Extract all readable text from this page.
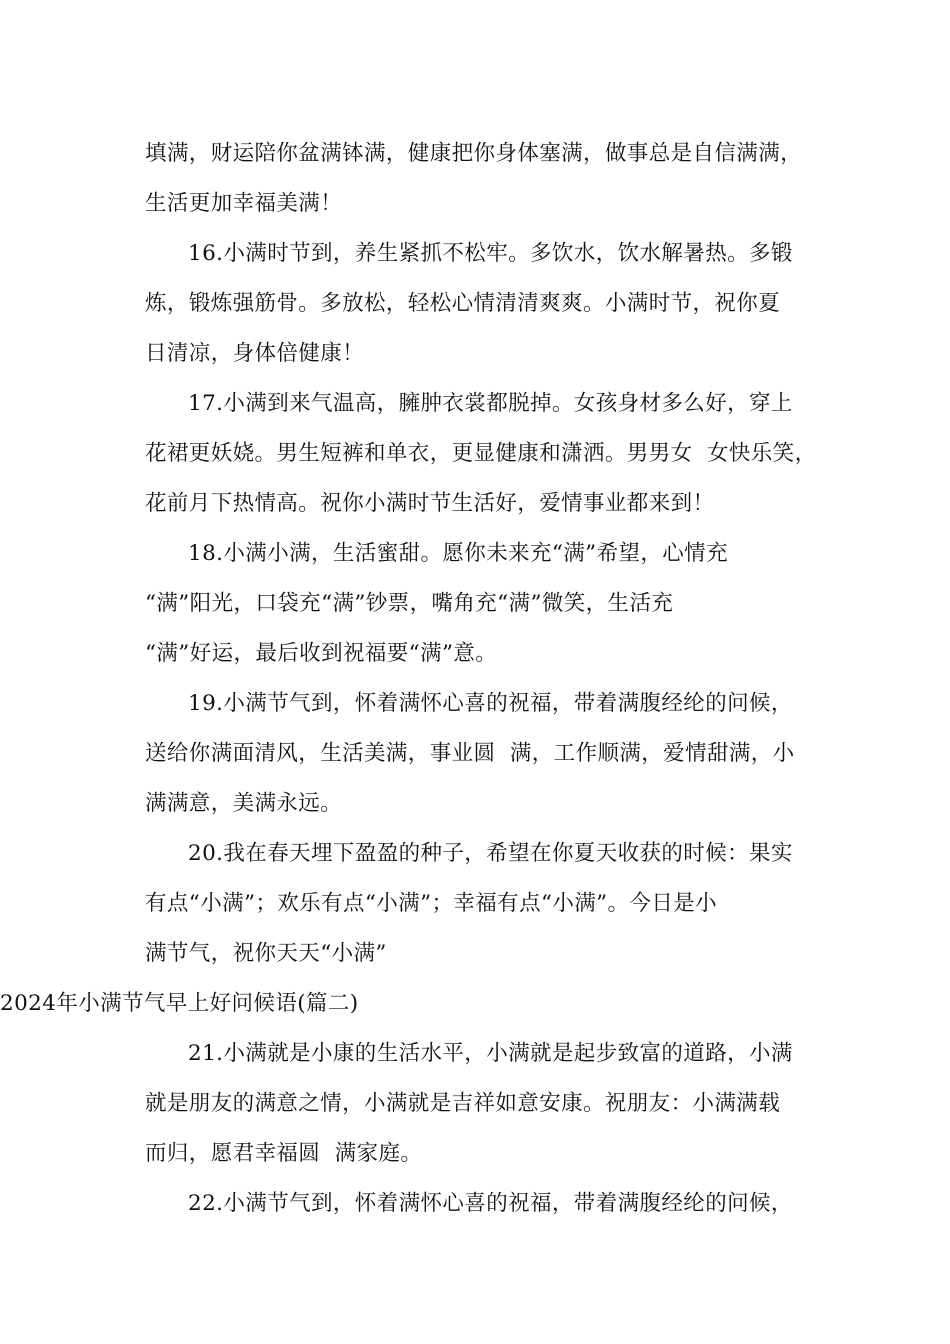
填满，财运陪你盆满钵满，健康把你身体塞满，做事总是自信满满，
生活更加幸福美满！
16.小满时节到，养生紧抓不松牢。多饮水，饮水解暑热。多锻
炼，锻炼强筋骨。多放松，轻松心情清清爽爽。小满时节，祝你夏
日清凉，身体倍健康！
17.小满到来气温高，臃肿衣裳都脱掉。女孩身材多么好，穿上
花裙更妖娆。男生短裤和单衣，更显健康和潇洒。男男女  女快乐笑，
花前月下热情高。祝你小满时节生活好，爱情事业都来到！
18.小满小满，生活蜜甜。愿你未来充“满”希望，心情充
“满”阳光，口袋充“满”钞票，嘴角充“满”微笑，生活充
“满”好运，最后收到祝福要“满”意。
19.小满节气到，怀着满怀心喜的祝福，带着满腹经纶的问候，
送给你满面清风，生活美满，事业圆  满，工作顺满，爱情甜满，小
满满意，美满永远。
20.我在春天埋下盈盈的种子，希望在你夏天收获的时候：果实
有点“小满”；欢乐有点“小满”；幸福有点“小满”。今日是小
满节气，祝你天天“小满”
2024年小满节气早上好问候语(篇二)
21.小满就是小康的生活水平，小满就是起步致富的道路，小满
就是朋友的满意之情，小满就是吉祥如意安康。祝朋友：小满满载
而归，愿君幸福圆  满家庭。
22.小满节气到，怀着满怀心喜的祝福，带着满腹经纶的问候，
